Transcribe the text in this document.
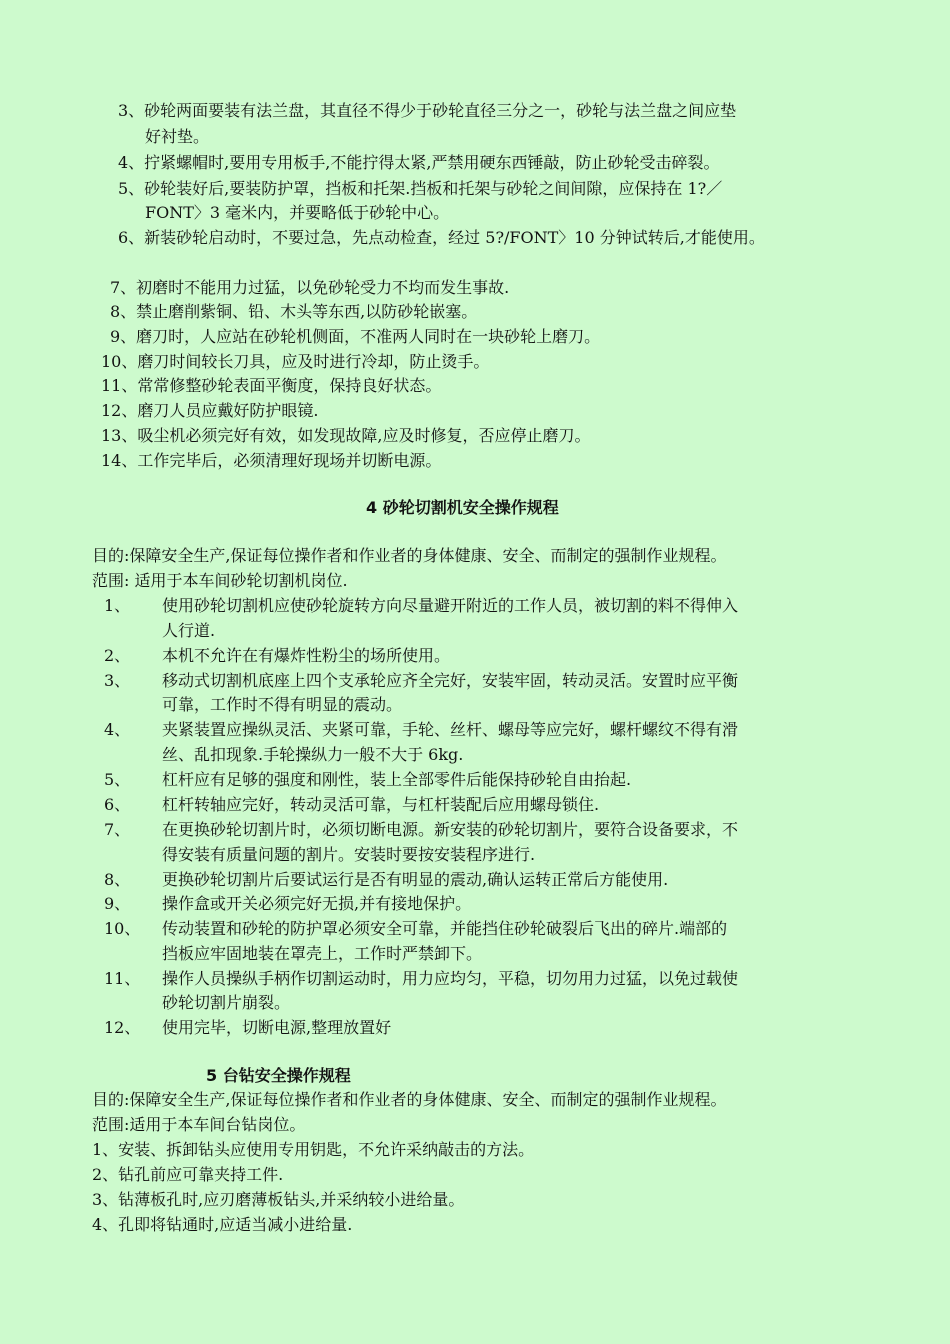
3、砂轮两面要装有法兰盘，其直径不得少于砂轮直径三分之一，砂轮与法兰盘之间应垫
好衬垫。
4、拧紧螺帽时,要用专用板手,不能拧得太紧,严禁用硬东西锤敲，防止砂轮受击碎裂。
5、砂轮装好后,要装防护罩，挡板和托架.挡板和托架与砂轮之间间隙，应保持在 1?／
FONT〉3 毫米内，并要略低于砂轮中心。
6、新装砂轮启动时，不要过急，先点动检查，经过 5?/FONT〉10 分钟试转后,才能使用。
7、初磨时不能用力过猛，以免砂轮受力不均而发生事故.
8、禁止磨削紫铜、铅、木头等东西,以防砂轮嵌塞。
9、磨刀时，人应站在砂轮机侧面，不准两人同时在一块砂轮上磨刀。
10、磨刀时间较长刀具，应及时进行冷却，防止烫手。
11、常常修整砂轮表面平衡度，保持良好状态。
12、磨刀人员应戴好防护眼镜.
13、吸尘机必须完好有效，如发现故障,应及时修复，否应停止磨刀。
14、工作完毕后，必须清理好现场并切断电源。
4 砂轮切割机安全操作规程
目的:保障安全生产,保证每位操作者和作业者的身体健康、安全、而制定的强制作业规程。
范围: 适用于本车间砂轮切割机岗位.
1、 使用砂轮切割机应使砂轮旋转方向尽量避开附近的工作人员，被切割的料不得伸入
人行道.
2、 本机不允许在有爆炸性粉尘的场所使用。
3、 移动式切割机底座上四个支承轮应齐全完好，安装牢固，转动灵活。安置时应平衡
可靠，工作时不得有明显的震动。
4、 夹紧装置应操纵灵活、夹紧可靠，手轮、丝杆、螺母等应完好，螺杆螺纹不得有滑
丝、乱扣现象.手轮操纵力一般不大于 6kg.
5、 杠杆应有足够的强度和刚性，装上全部零件后能保持砂轮自由抬起.
6、 杠杆转轴应完好，转动灵活可靠，与杠杆装配后应用螺母锁住.
7、 在更换砂轮切割片时，必须切断电源。新安装的砂轮切割片，要符合设备要求，不
得安装有质量问题的割片。安装时要按安装程序进行.
8、 更换砂轮切割片后要试运行是否有明显的震动,确认运转正常后方能使用.
9、 操作盒或开关必须完好无损,并有接地保护。
10、 传动装置和砂轮的防护罩必须安全可靠，并能挡住砂轮破裂后飞出的碎片.端部的
挡板应牢固地装在罩壳上，工作时严禁卸下。
11、 操作人员操纵手柄作切割运动时，用力应均匀，平稳，切勿用力过猛，以免过载使
砂轮切割片崩裂。
12、 使用完毕，切断电源,整理放置好
5 台钻安全操作规程
目的:保障安全生产,保证每位操作者和作业者的身体健康、安全、而制定的强制作业规程。
范围:适用于本车间台钻岗位。
1、安装、拆卸钻头应使用专用钥匙，不允许采纳敲击的方法。
2、钻孔前应可靠夹持工件.
3、钻薄板孔时,应刃磨薄板钻头,并采纳较小进给量。
4、孔即将钻通时,应适当减小进给量.
